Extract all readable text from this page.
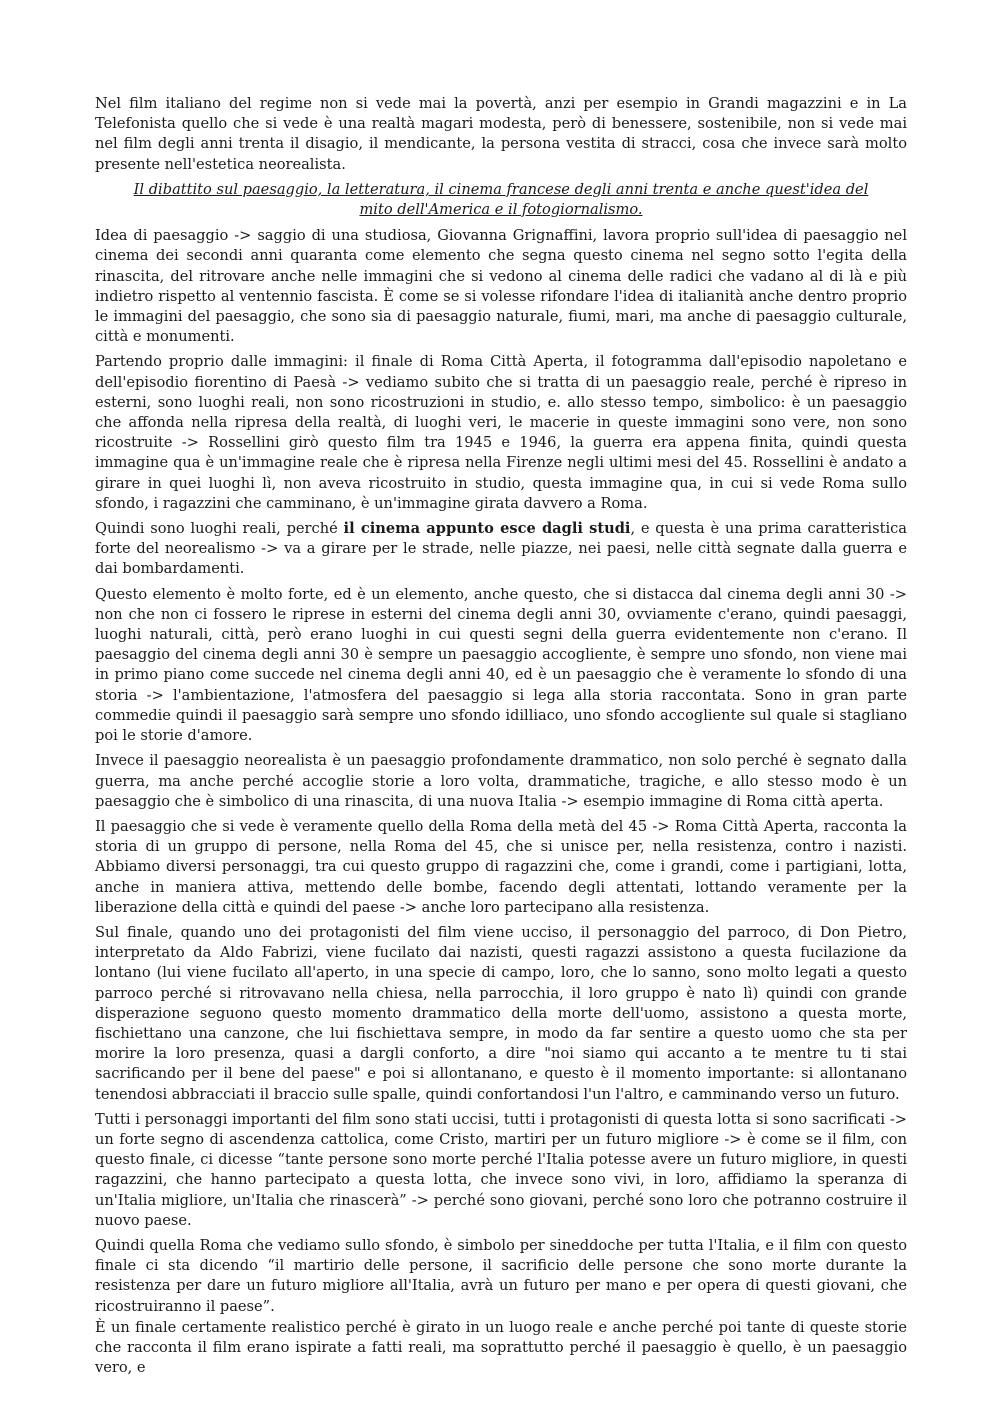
Nel film italiano del regime non si vede mai la povertà, anzi per esempio in Grandi magazzini e in La Telefonista quello che si vede è una realtà magari modesta, però di benessere, sostenibile, non si vede mai nel film degli anni trenta il disagio, il mendicante, la persona vestita di stracci, cosa che invece sarà molto presente nell'estetica neorealista.

Il dibattito sul paesaggio, la letteratura, il cinema francese degli anni trenta e anche quest'idea del mito dell'America e il fotogiornalismo.

Idea di paesaggio -> saggio di una studiosa, Giovanna Grignaffini, lavora proprio sull'idea di paesaggio nel cinema dei secondi anni quaranta come elemento che segna questo cinema nel segno sotto l'egita della rinascita, del ritrovare anche nelle immagini che si vedono al cinema delle radici che vadano al di là e più indietro rispetto al ventennio fascista. È come se si volesse rifondare l'idea di italianità anche dentro proprio le immagini del paesaggio, che sono sia di paesaggio naturale, fiumi, mari, ma anche di paesaggio culturale, città e monumenti.

Partendo proprio dalle immagini: il finale di Roma Città Aperta, il fotogramma dall'episodio napoletano e dell'episodio fiorentino di Paesà -> vediamo subito che si tratta di un paesaggio reale, perché è ripreso in esterni, sono luoghi reali, non sono ricostruzioni in studio, e. allo stesso tempo, simbolico: è un paesaggio che affonda nella ripresa della realtà, di luoghi veri, le macerie in queste immagini sono vere, non sono ricostruite -> Rossellini girò questo film tra 1945 e 1946, la guerra era appena finita, quindi questa immagine qua è un'immagine reale che è ripresa nella Firenze negli ultimi mesi del 45. Rossellini è andato a girare in quei luoghi lì, non aveva ricostruito in studio, questa immagine qua, in cui si vede Roma sullo sfondo, i ragazzini che camminano, è un'immagine girata davvero a Roma.

Quindi sono luoghi reali, perché il cinema appunto esce dagli studi, e questa è una prima caratteristica forte del neorealismo -> va a girare per le strade, nelle piazze, nei paesi, nelle città segnate dalla guerra e dai bombardamenti.

Questo elemento è molto forte, ed è un elemento, anche questo, che si distacca dal cinema degli anni 30 -> non che non ci fossero le riprese in esterni del cinema degli anni 30, ovviamente c'erano, quindi paesaggi, luoghi naturali, città, però erano luoghi in cui questi segni della guerra evidentemente non c'erano. Il paesaggio del cinema degli anni 30 è sempre un paesaggio accogliente, è sempre uno sfondo, non viene mai in primo piano come succede nel cinema degli anni 40, ed è un paesaggio che è veramente lo sfondo di una storia -> l'ambientazione, l'atmosfera del paesaggio si lega alla storia raccontata. Sono in gran parte commedie quindi il paesaggio sarà sempre uno sfondo idilliaco, uno sfondo accogliente sul quale si stagliano poi le storie d'amore.

Invece il paesaggio neorealista è un paesaggio profondamente drammatico, non solo perché è segnato dalla guerra, ma anche perché accoglie storie a loro volta, drammatiche, tragiche, e allo stesso modo è un paesaggio che è simbolico di una rinascita, di una nuova Italia -> esempio immagine di Roma città aperta.

Il paesaggio che si vede è veramente quello della Roma della metà del 45 -> Roma Città Aperta, racconta la storia di un gruppo di persone, nella Roma del 45, che si unisce per, nella resistenza, contro i nazisti. Abbiamo diversi personaggi, tra cui questo gruppo di ragazzini che, come i grandi, come i partigiani, lotta, anche in maniera attiva, mettendo delle bombe, facendo degli attentati, lottando veramente per la liberazione della città e quindi del paese -> anche loro partecipano alla resistenza.

Sul finale, quando uno dei protagonisti del film viene ucciso, il personaggio del parroco, di Don Pietro, interpretato da Aldo Fabrizi, viene fucilato dai nazisti, questi ragazzi assistono a questa fucilazione da lontano (lui viene fucilato all'aperto, in una specie di campo, loro, che lo sanno, sono molto legati a questo parroco perché si ritrovavano nella chiesa, nella parrocchia, il loro gruppo è nato lì) quindi con grande disperazione seguono questo momento drammatico della morte dell'uomo, assistono a questa morte, fischiettano una canzone, che lui fischiettava sempre, in modo da far sentire a questo uomo che sta per morire la loro presenza, quasi a dargli conforto, a dire "noi siamo qui accanto a te mentre tu ti stai sacrificando per il bene del paese" e poi si allontanano, e questo è il momento importante: si allontanano tenendosi abbracciati il braccio sulle spalle, quindi confortandosi l'un l'altro, e camminando verso un futuro.

Tutti i personaggi importanti del film sono stati uccisi, tutti i protagonisti di questa lotta si sono sacrificati -> un forte segno di ascendenza cattolica, come Cristo, martiri per un futuro migliore -> è come se il film, con questo finale, ci dicesse “tante persone sono morte perché l'Italia potesse avere un futuro migliore, in questi ragazzini, che hanno partecipato a questa lotta, che invece sono vivi, in loro, affidiamo la speranza di un'Italia migliore, un'Italia che rinascerà” -> perché sono giovani, perché sono loro che potranno costruire il nuovo paese.

Quindi quella Roma che vediamo sullo sfondo, è simbolo per sineddoche per tutta l'Italia, e il film con questo finale ci sta dicendo “il martirio delle persone, il sacrificio delle persone che sono morte durante la resistenza per dare un futuro migliore all'Italia, avrà un futuro per mano e per opera di questi giovani, che ricostruiranno il paese”.

È un finale certamente realistico perché è girato in un luogo reale e anche perché poi tante di queste storie che racconta il film erano ispirate a fatti reali, ma soprattutto perché il paesaggio è quello, è un paesaggio vero, e
